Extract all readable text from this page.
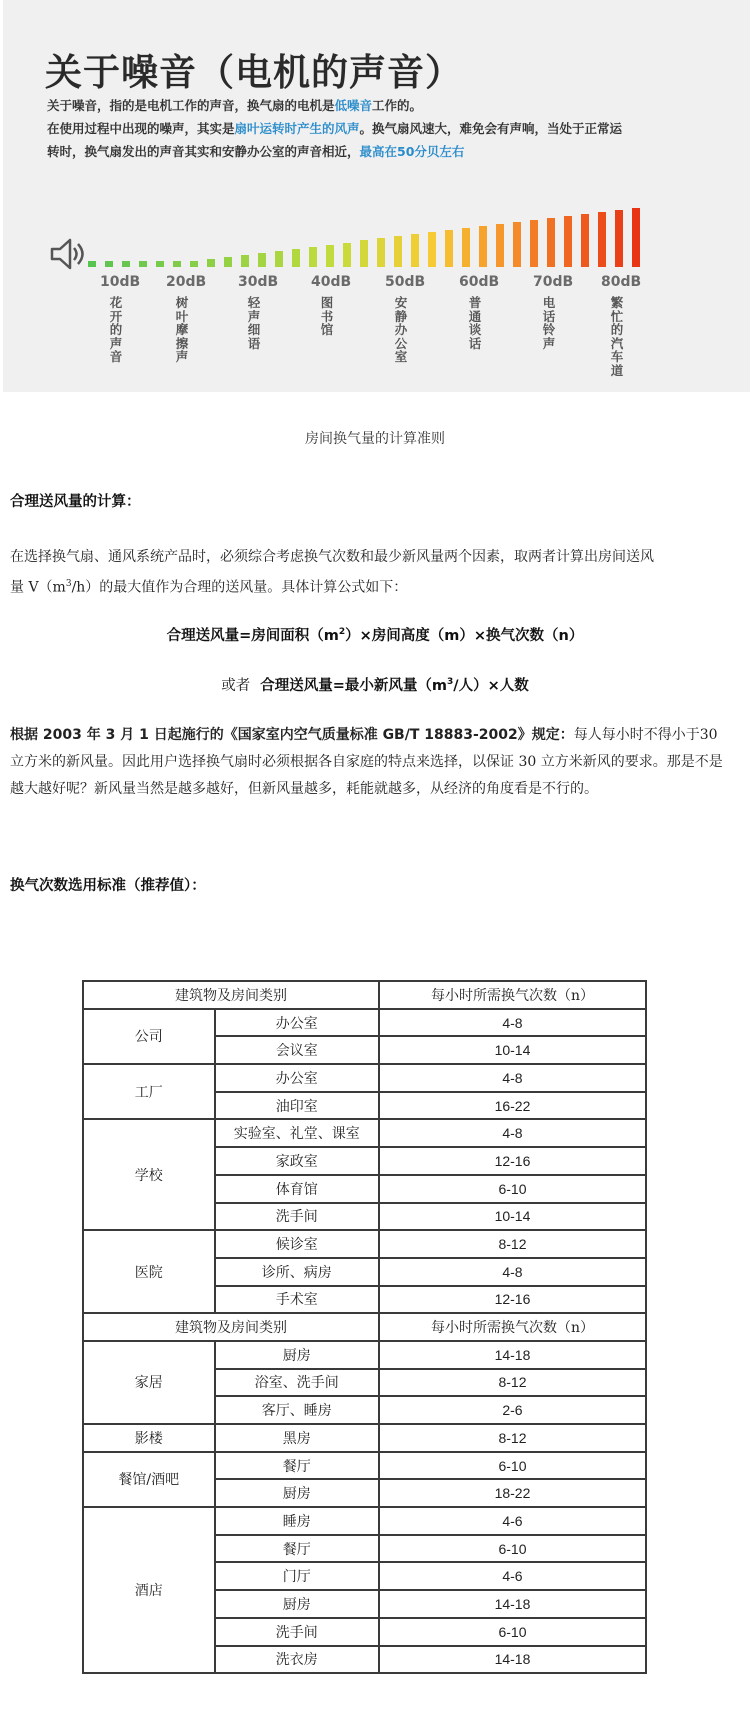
关于噪音（电机的声音）
关于噪音，指的是电机工作的声音，换气扇的电机是低噪音工作的。
在使用过程中出现的噪声，其实是扇叶运转时产生的风声。换气扇风速大，难免会有声响，当处于正常运
转时，换气扇发出的声音其实和安静办公室的声音相近，最高在50分贝左右
10dB
花
开
的
声
音
20dB
树
叶
摩
擦
声
30dB
轻
声
细
语
40dB
图
书
馆
50dB
安
静
办
公
室
60dB
普
通
谈
话
70dB
电
话
铃
声
80dB
繁
忙
的
汽
车
道
房间换气量的计算准则
合理送风量的计算：
在选择换气扇、通风系统产品时，必须综合考虑换气次数和最少新风量两个因素，取两者计算出房间送风
量 $V(m^3/h)$的最大值作为合理的送风量。具体计算公式如下：
合理送风量=房间面积$(m^2)\times$房间高度（m）×换气次数（n）
或者 合理送风量=最小新风量（$m^3/$人）×人数
根据 2003 年 3 月 1 日起施行的《国家室内空气质量标准 GB/T 18883-2002》规定：每人每小时不得小于30 立方米的新风量。因此用户选择换气扇时必须根据各自家庭的特点来选择，以保证 30 立方米新风的要求。那是不是越大越好呢？新风量当然是越多越好，但新风量越多，耗能就越多，从经济的角度看是不行的。
换气次数选用标准（推荐值）：
建筑物及房间类别		每小时所需换气次数（n）
公司	办公室	4-8
	会议室	10-14
工厂	办公室	4-8
	油印室	16-22
学校	实验室、礼堂、课室	4-8
	家政室	12-16
	体育馆	6-10
	洗手间	10-14
医院	候诊室	8-12
	诊所、病房	4-8
	手术室	12-16
建筑物及房间类别		每小时所需换气次数（n）
家居	厨房	14-18
	浴室、洗手间	8-12
	客厅、睡房	2-6
影楼	黑房	8-12
餐馆/酒吧	餐厅	6-10
	厨房	18-22
酒店	睡房	4-6
	餐厅	6-10
	门厅	4-6
	厨房	14-18
	洗手间	6-10
	洗衣房	14-18
